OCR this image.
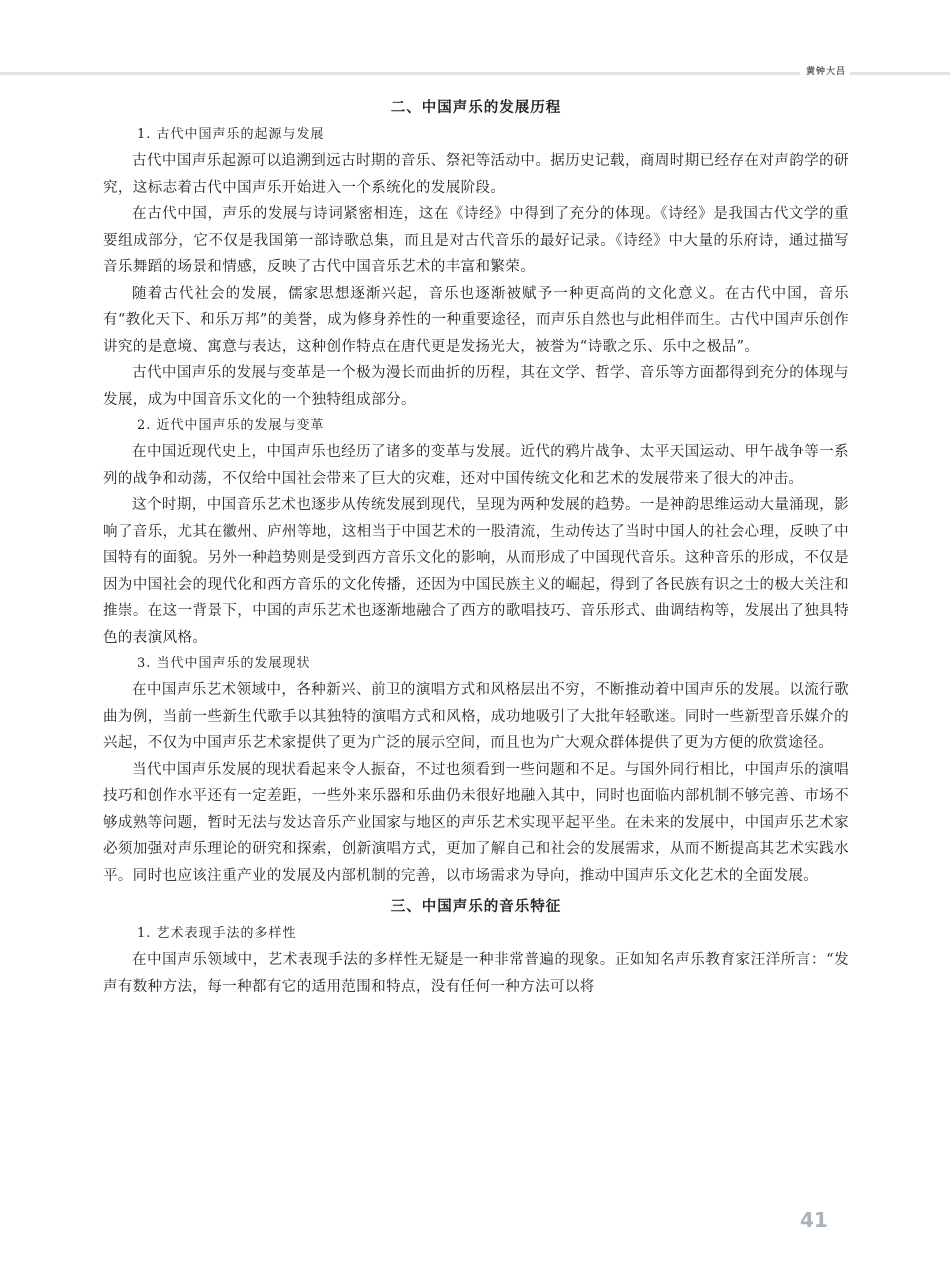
黄钟大吕
二、中国声乐的发展历程
1. 古代中国声乐的起源与发展

古代中国声乐起源可以追溯到远古时期的音乐、祭祀等活动中。据历史记载，商周时期已经存在对声韵学的研究，这标志着古代中国声乐开始进入一个系统化的发展阶段。

在古代中国，声乐的发展与诗词紧密相连，这在《诗经》中得到了充分的体现。《诗经》是我国古代文学的重要组成部分，它不仅是我国第一部诗歌总集，而且是对古代音乐的最好记录。《诗经》中大量的乐府诗，通过描写音乐舞蹈的场景和情感，反映了古代中国音乐艺术的丰富和繁荣。

随着古代社会的发展，儒家思想逐渐兴起，音乐也逐渐被赋予一种更高尚的文化意义。在古代中国，音乐有“教化天下、和乐万邦”的美誉，成为修身养性的一种重要途径，而声乐自然也与此相伴而生。古代中国声乐创作讲究的是意境、寓意与表达，这种创作特点在唐代更是发扬光大，被誉为“诗歌之乐、乐中之极品”。

古代中国声乐的发展与变革是一个极为漫长而曲折的历程，其在文学、哲学、音乐等方面都得到充分的体现与发展，成为中国音乐文化的一个独特组成部分。

2. 近代中国声乐的发展与变革

在中国近现代史上，中国声乐也经历了诸多的变革与发展。近代的鸦片战争、太平天国运动、甲午战争等一系列的战争和动荡，不仅给中国社会带来了巨大的灾难，还对中国传统文化和艺术的发展带来了很大的冲击。

这个时期，中国音乐艺术也逐步从传统发展到现代，呈现为两种发展的趋势。一是神韵思维运动大量涌现，影响了音乐，尤其在徽州、庐州等地，这相当于中国艺术的一股清流，生动传达了当时中国人的社会心理，反映了中国特有的面貌。另外一种趋势则是受到西方音乐文化的影响，从而形成了中国现代音乐。这种音乐的形成，不仅是因为中国社会的现代化和西方音乐的文化传播，还因为中国民族主义的崛起，得到了各民族有识之士的极大关注和推崇。在这一背景下，中国的声乐艺术也逐渐地融合了西方的歌唱技巧、音乐形式、曲调结构等，发展出了独具特色的表演风格。

3. 当代中国声乐的发展现状

在中国声乐艺术领域中，各种新兴、前卫的演唱方式和风格层出不穷，不断推动着中国声乐的发展。以流行歌曲为例，当前一些新生代歌手以其独特的演唱方式和风格，成功地吸引了大批年轻歌迷。同时一些新型音乐媒介的兴起，不仅为中国声乐艺术家提供了更为广泛的展示空间，而且也为广大观众群体提供了更为方便的欣赏途径。

当代中国声乐发展的现状看起来令人振奋，不过也须看到一些问题和不足。与国外同行相比，中国声乐的演唱技巧和创作水平还有一定差距，一些外来乐器和乐曲仍未很好地融入其中，同时也面临内部机制不够完善、市场不够成熟等问题，暂时无法与发达音乐产业国家与地区的声乐艺术实现平起平坐。在未来的发展中，中国声乐艺术家必须加强对声乐理论的研究和探索，创新演唱方式，更加了解自己和社会的发展需求，从而不断提高其艺术实践水平。同时也应该注重产业的发展及内部机制的完善，以市场需求为导向，推动中国声乐文化艺术的全面发展。

三、中国声乐的音乐特征
1. 艺术表现手法的多样性

在中国声乐领域中，艺术表现手法的多样性无疑是一种非常普遍的现象。正如知名声乐教育家汪洋所言：“发声有数种方法，每一种都有它的适用范围和特点，没有任何一种方法可以将

41
